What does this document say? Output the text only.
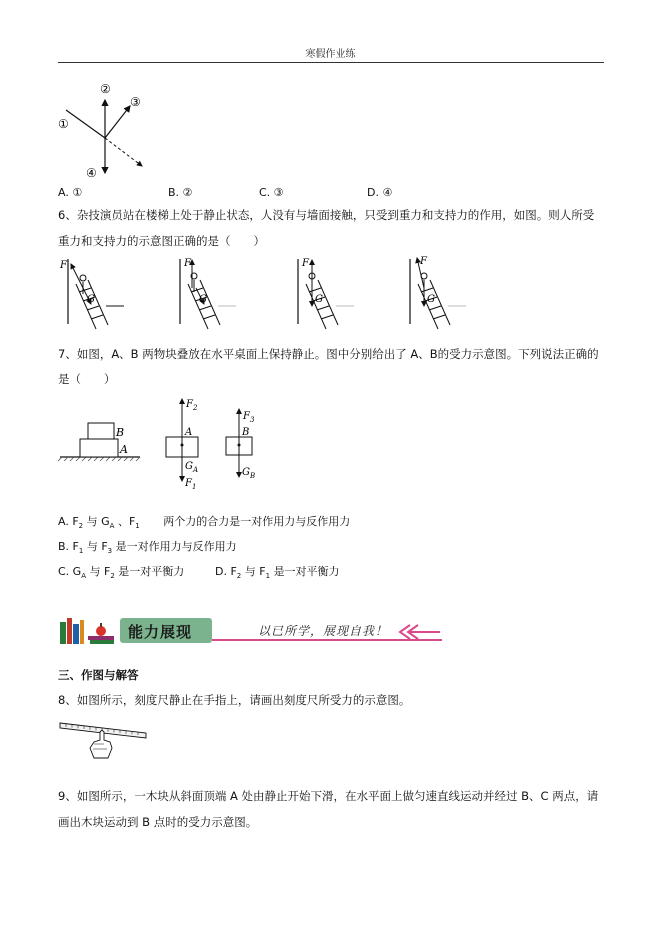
寒假作业练
②
③
①
④
A. ①	B. ②	C. ③	D. ④
6、杂技演员站在楼梯上处于静止状态，人没有与墙面接触，只受到重力和支持力的作用，如图。则人所受
重力和支持力的示意图正确的是（　　）
F
G
F
G
F
G
F
G
7、如图，A、B 两物块叠放在水平桌面上保持静止。图中分别给出了 A、B的受力示意图。下列说法正确的
是（　　）
B
A
$F_2$
A
$G_A$
$F_1$
$F_3$
B
$G_B$
A. $F_2$ 与 $G_A$ 、$F_1$ 两个力的合力是一对作用力与反作用力
B. $F_1$ 与 $F_3$ 是一对作用力与反作用力
C. $G_A$ 与 $F_2$ 是一对平衡力	D. $F_2$ 与 $F_1$ 是一对平衡力
能力展现	以已所学，展现自我！
三、作图与解答
8、如图所示，刻度尺静止在手指上，请画出刻度尺所受力的示意图。
9、如图所示，一木块从斜面顶端 A 处由静止开始下滑，在水平面上做匀速直线运动并经过 B、C 两点，请
画出木块运动到 B 点时的受力示意图。
